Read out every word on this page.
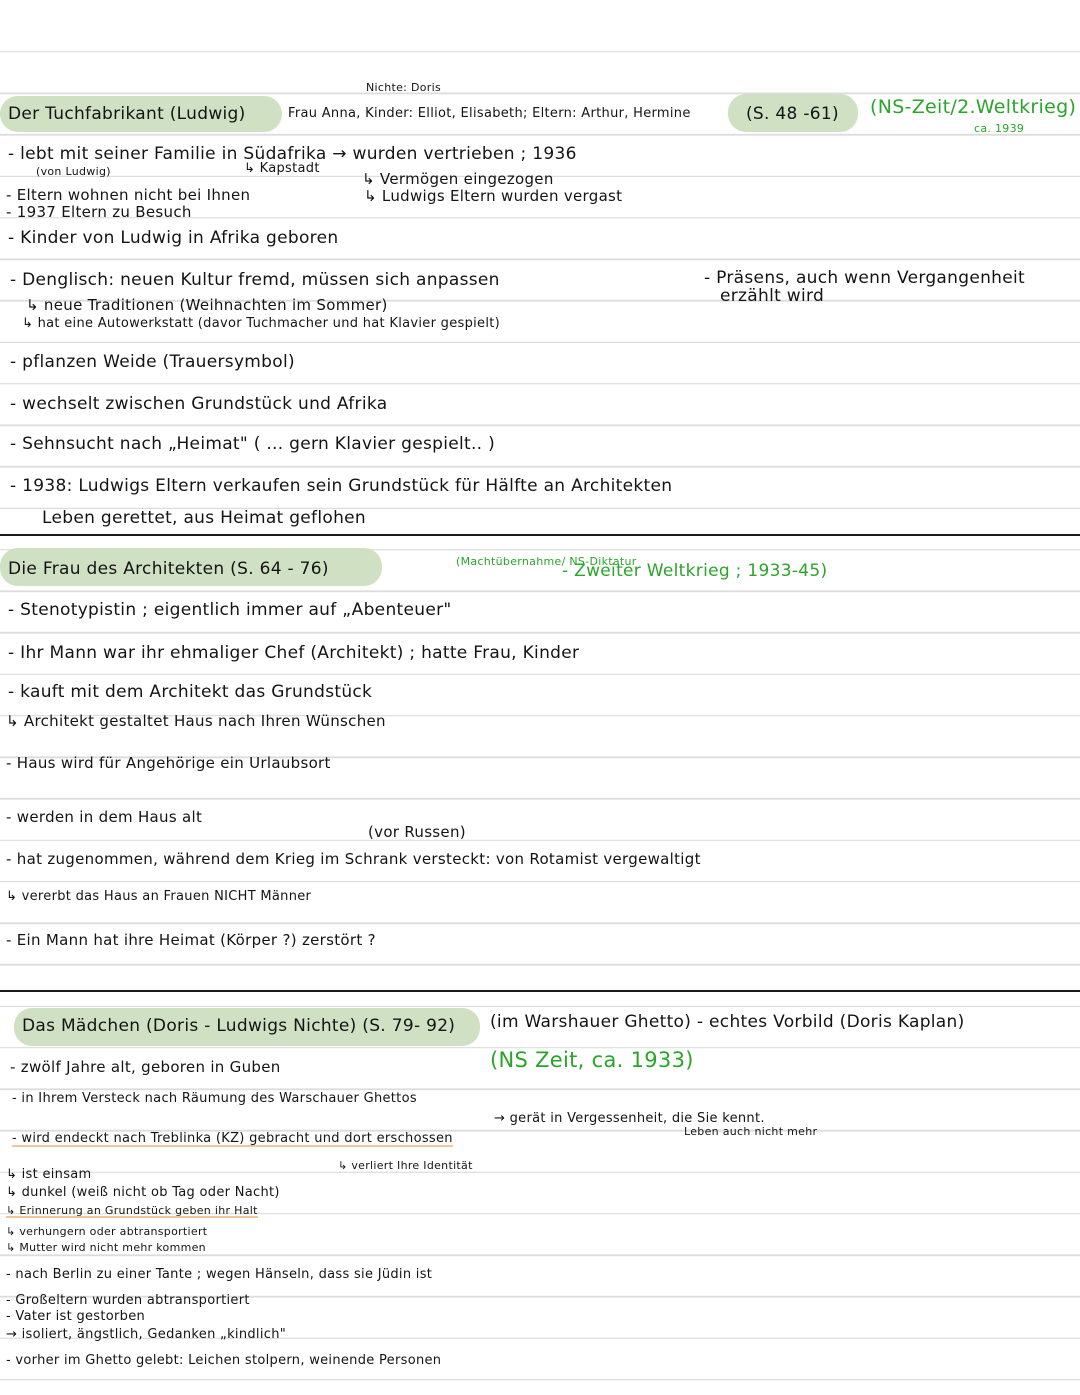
Nichte: Doris
Der Tuchfabrikant (Ludwig)	Frau Anna, Kinder: Elliot, Elisabeth; Eltern: Arthur, Hermine	(S. 48 -61) (NS-Zeit/2.Weltkrieg)
ca. 1939
- lebt mit seiner Familie in Südafrika → wurden vertrieben ; 1936
(von Ludwig)	↳ Kapstadt
↳ Vermögen eingezogen
- Eltern wohnen nicht bei Ihnen	↳ Ludwigs Eltern wurden vergast
- 1937 Eltern zu Besuch
- Kinder von Ludwig in Afrika geboren
- Denglisch: neuen Kultur fremd, müssen sich anpassen
↳ neue Traditionen (Weihnachten im Sommer)
↳ hat eine Autowerkstatt (davor Tuchmacher und hat Klavier gespielt)
- Präsens, auch wenn Vergangenheit
erzählt wird
- pflanzen Weide (Trauersymbol)
- wechselt zwischen Grundstück und Afrika
- Sehnsucht nach „Heimat" ( ... gern Klavier gespielt.. )
- 1938: Ludwigs Eltern verkaufen sein Grundstück für Hälfte an Architekten
Leben gerettet, aus Heimat geflohen
Die Frau des Architekten (S. 64 - 76)	(Machtübernahme/ NS-Diktatur
- Zweiter Weltkrieg ; 1933-45)
- Stenotypistin ; eigentlich immer auf „Abenteuer"
- Ihr Mann war ihr ehmaliger Chef (Architekt) ; hatte Frau, Kinder
- kauft mit dem Architekt das Grundstück
↳ Architekt gestaltet Haus nach Ihren Wünschen
- Haus wird für Angehörige ein Urlaubsort
- werden in dem Haus alt
(vor Russen)
- hat zugenommen, während dem Krieg im Schrank versteckt: von Rotamist vergewaltigt
↳ vererbt das Haus an Frauen NICHT Männer
- Ein Mann hat ihre Heimat (Körper ?) zerstört ?
Das Mädchen (Doris - Ludwigs Nichte) (S. 79- 92) (im Warshauer Ghetto) - echtes Vorbild (Doris Kaplan)
(NS Zeit, ca. 1933)
- zwölf Jahre alt, geboren in Guben
- in Ihrem Versteck nach Räumung des Warschauer Ghettos
→ gerät in Vergessenheit, die Sie kennt.
Leben auch nicht mehr
- wird endeckt nach Treblinka (KZ) gebracht und dort erschossen
↳ verliert Ihre Identität
↳ ist einsam
↳ dunkel (weiß nicht ob Tag oder Nacht)
↳ Erinnerung an Grundstück geben ihr Halt
↳ verhungern oder abtransportiert
↳ Mutter wird nicht mehr kommen
- nach Berlin zu einer Tante ; wegen Hänseln, dass sie Jüdin ist
- Großeltern wurden abtransportiert
- Vater ist gestorben
→ isoliert, ängstlich, Gedanken „kindlich"
- vorher im Ghetto gelebt: Leichen stolpern, weinende Personen
